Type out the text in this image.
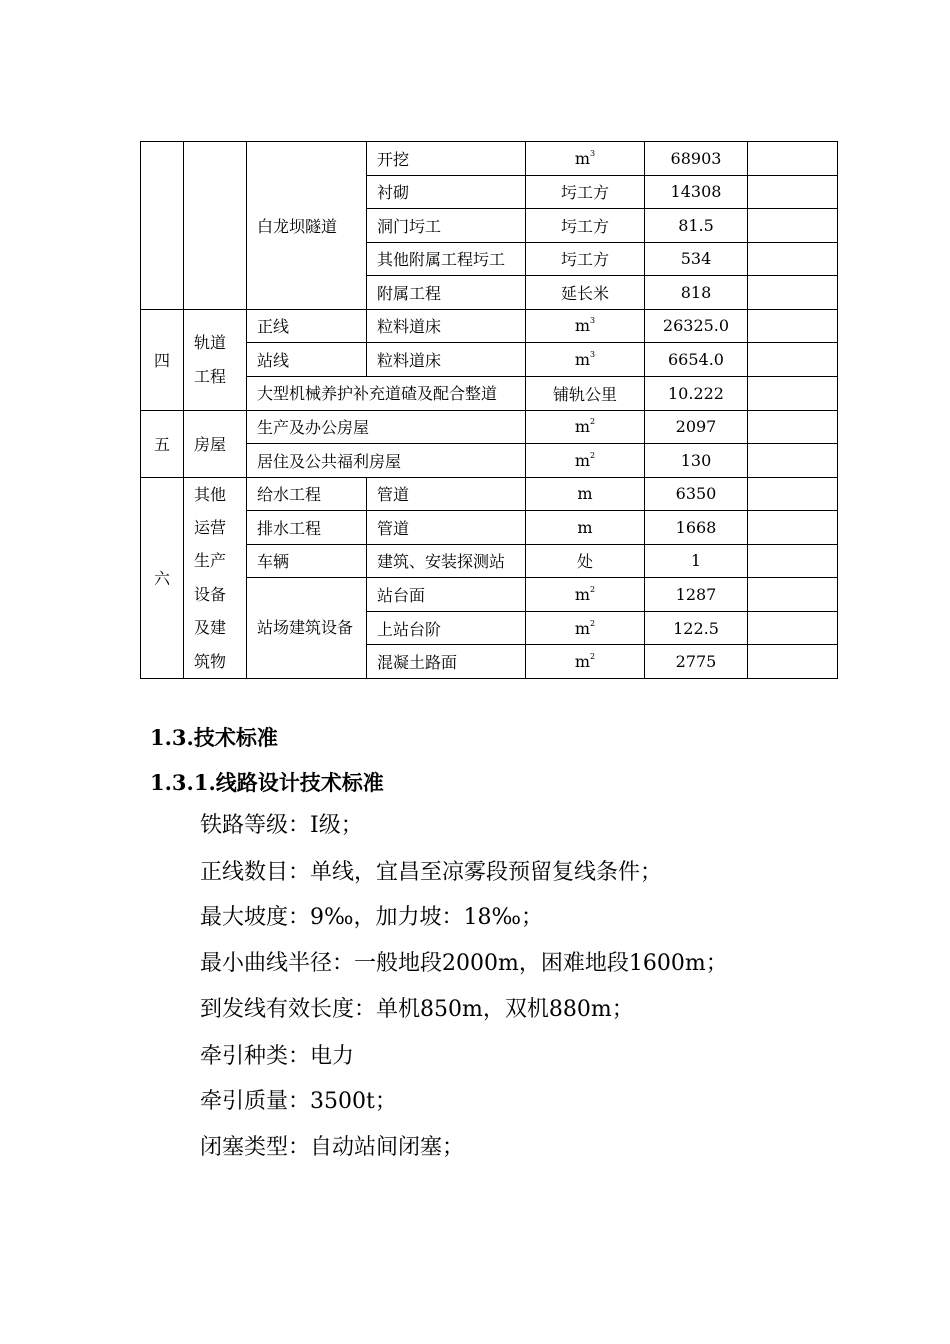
		白龙坝隧道	开挖	$m^3$	68903	
			衬砌	圬工方	14308	
			洞门圬工	圬工方	81.5	
			其他附属工程圬工	圬工方	534	
			附属工程	延长米	818	
四	轨道工程	正线	粒料道床	$m^3$	26325.0	
		站线	粒料道床	$m^3$	6654.0	
		大型机械养护补充道碴及配合整道		铺轨公里	10.222	
五	房屋	生产及办公房屋		$m^2$	2097	
		居住及公共福利房屋		$m^2$	130	
六	其他运营生产设备及建筑物	给水工程	管道	m	6350	
		排水工程	管道	m	1668	
		车辆	建筑、安装探测站	处	1	
		站场建筑设备	站台面	$m^2$	1287	
			上站台阶	$m^2$	122.5	
			混凝土路面	$m^2$	2775	
1.3.技术标准
1.3.1.线路设计技术标准

铁路等级：Ⅰ级；

正线数目：单线，宜昌至凉雾段预留复线条件；

最大坡度：9‰，加力坡：18‰；

最小曲线半径：一般地段2000m，困难地段1600m；

到发线有效长度：单机850m，双机880m；

牵引种类：电力

牵引质量：3500t；

闭塞类型：自动站间闭塞；
